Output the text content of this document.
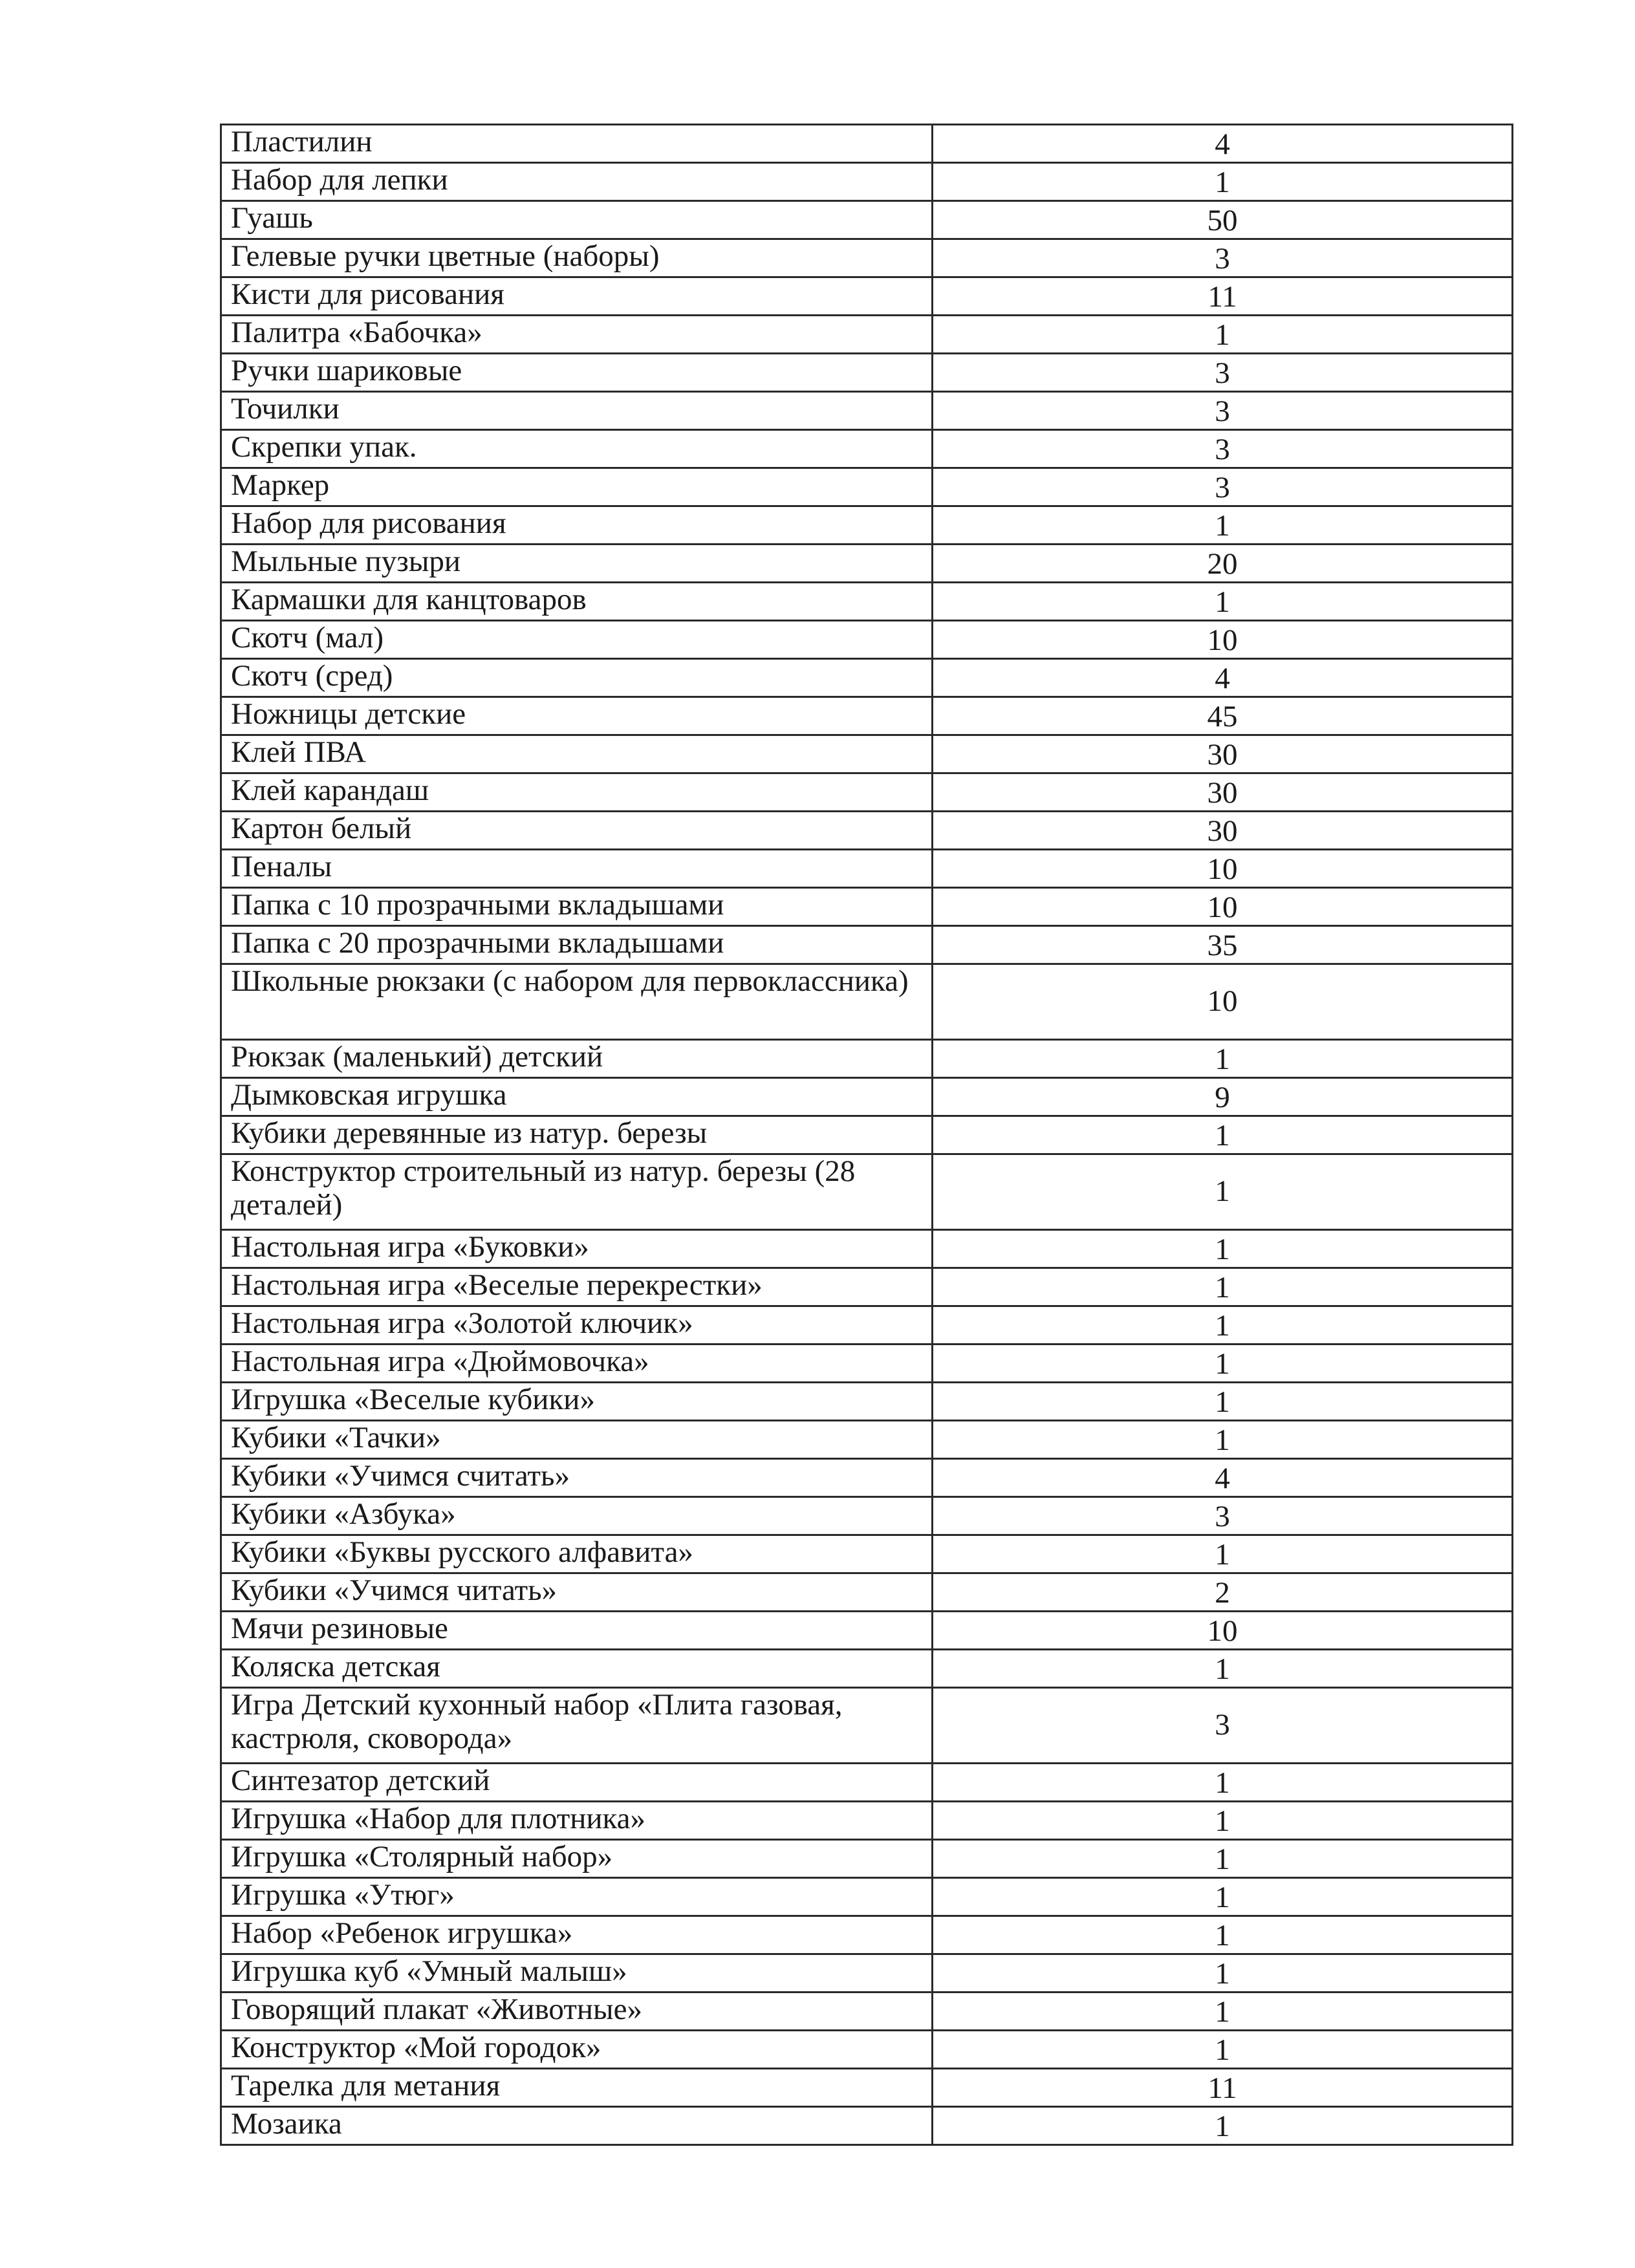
Пластилин	4
Набор для лепки	1
Гуашь	50
Гелевые ручки цветные (наборы)	3
Кисти для рисования	11
Палитра «Бабочка»	1
Ручки шариковые	3
Точилки	3
Скрепки упак.	3
Маркер	3
Набор для рисования	1
Мыльные пузыри	20
Кармашки для канцтоваров	1
Скотч (мал)	10
Скотч (сред)	4
Ножницы детские	45
Клей ПВА	30
Клей карандаш	30
Картон белый	30
Пеналы	10
Папка с 10 прозрачными вкладышами	10
Папка с 20 прозрачными вкладышами	35
Школьные рюкзаки (с набором для первоклассника)	10
Рюкзак (маленький) детский	1
Дымковская игрушка	9
Кубики деревянные из натур. березы	1
Конструктор строительный из натур. березы (28 деталей)	1
Настольная игра «Буковки»	1
Настольная игра «Веселые перекрестки»	1
Настольная игра «Золотой ключик»	1
Настольная игра «Дюймовочка»	1
Игрушка «Веселые кубики»	1
Кубики «Тачки»	1
Кубики «Учимся считать»	4
Кубики «Азбука»	3
Кубики «Буквы русского алфавита»	1
Кубики «Учимся читать»	2
Мячи резиновые	10
Коляска детская	1
Игра Детский кухонный набор «Плита газовая, кастрюля, сковорода»	3
Синтезатор детский	1
Игрушка «Набор для плотника»	1
Игрушка «Столярный набор»	1
Игрушка «Утюг»	1
Набор «Ребенок игрушка»	1
Игрушка куб «Умный малыш»	1
Говорящий плакат «Животные»	1
Конструктор «Мой городок»	1
Тарелка для метания	11
Мозаика	1
